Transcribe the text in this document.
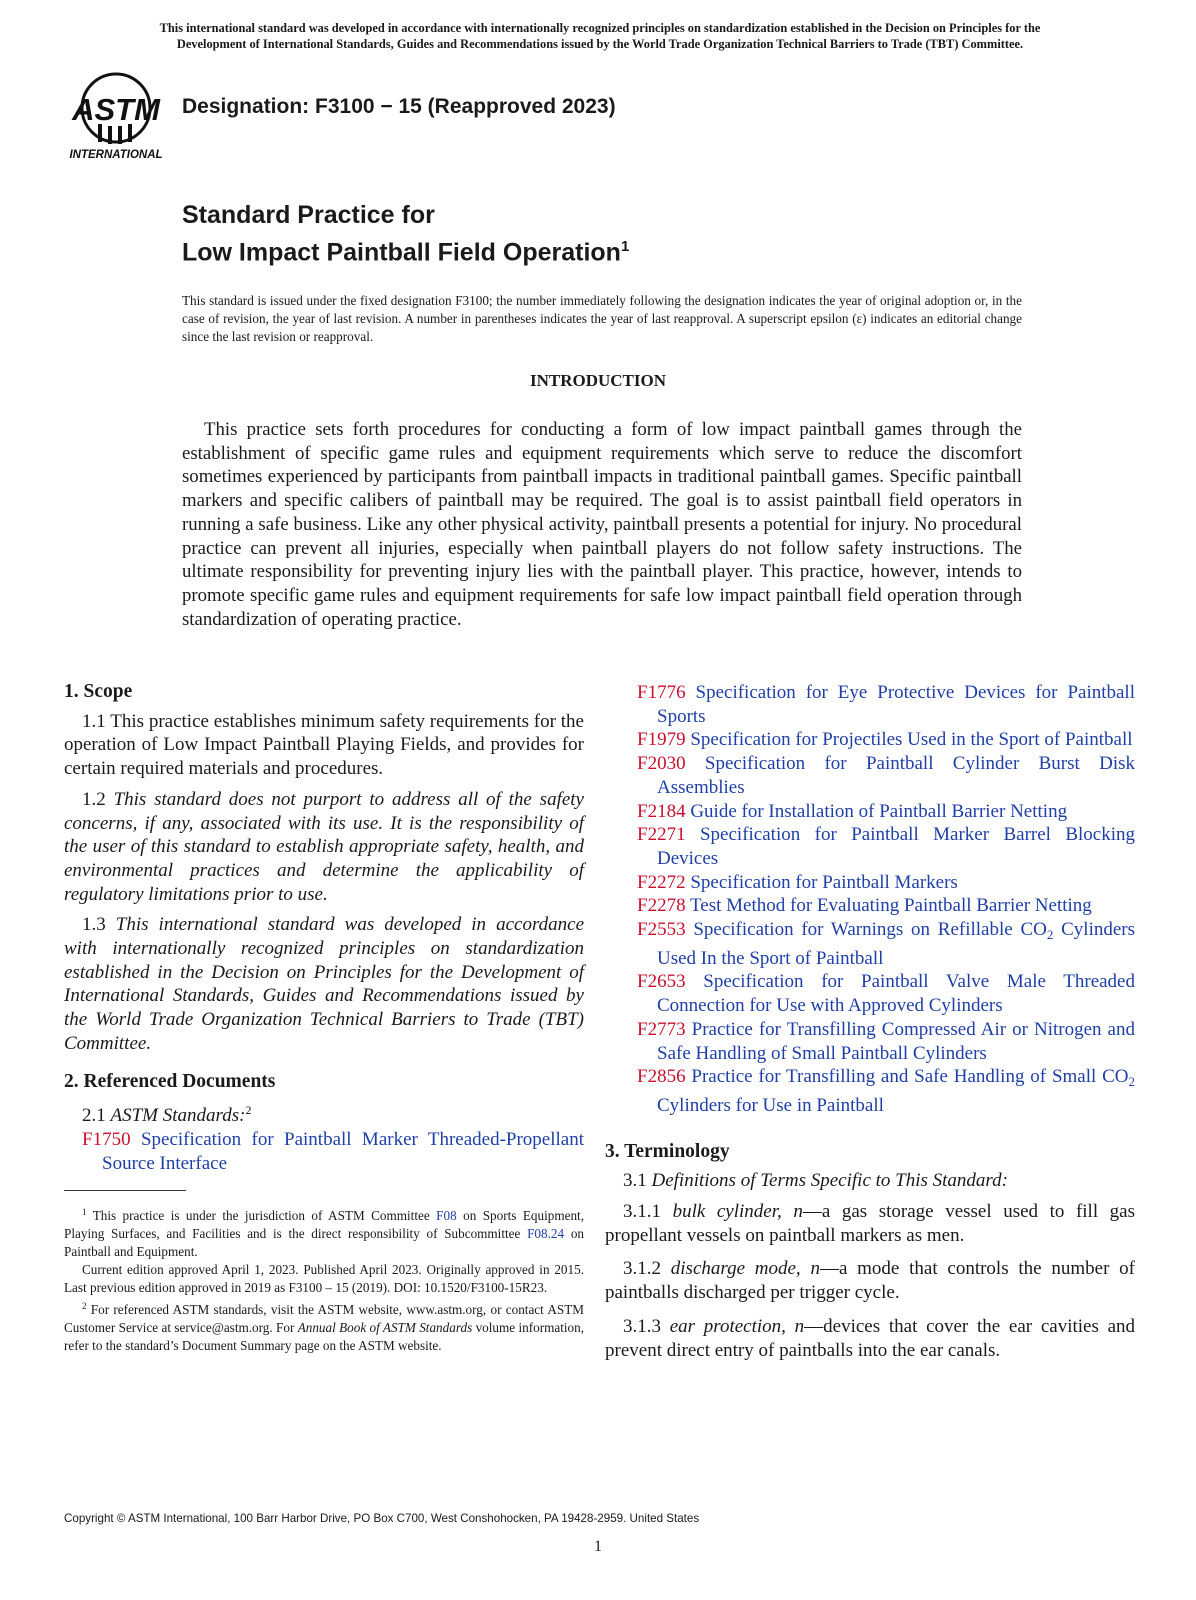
This international standard was developed in accordance with internationally recognized principles on standardization established in the Decision on Principles for the
Development of International Standards, Guides and Recommendations issued by the World Trade Organization Technical Barriers to Trade (TBT) Committee.
ASTM
INTERNATIONAL
Designation: F3100 − 15 (Reapproved 2023)
Standard Practice for
Low Impact Paintball Field Operation$^1$
This standard is issued under the fixed designation F3100; the number immediately following the designation indicates the year of original adoption or, in the case of revision, the year of last revision. A number in parentheses indicates the year of last reapproval. A superscript epsilon (ε) indicates an editorial change since the last revision or reapproval.
INTRODUCTION
This practice sets forth procedures for conducting a form of low impact paintball games through the establishment of specific game rules and equipment requirements which serve to reduce the discomfort sometimes experienced by participants from paintball impacts in traditional paintball games. Specific paintball markers and specific calibers of paintball may be required. The goal is to assist paintball field operators in running a safe business. Like any other physical activity, paintball presents a potential for injury. No procedural practice can prevent all injuries, especially when paintball players do not follow safety instructions. The ultimate responsibility for preventing injury lies with the paintball player. This practice, however, intends to promote specific game rules and equipment requirements for safe low impact paintball field operation through standardization of operating practice.
1. Scope
1.1 This practice establishes minimum safety requirements for the operation of Low Impact Paintball Playing Fields, and provides for certain required materials and procedures.
1.2 This standard does not purport to address all of the safety concerns, if any, associated with its use. It is the responsibility of the user of this standard to establish appropriate safety, health, and environmental practices and determine the applicability of regulatory limitations prior to use.
1.3 This international standard was developed in accordance with internationally recognized principles on standardization established in the Decision on Principles for the Development of International Standards, Guides and Recommendations issued by the World Trade Organization Technical Barriers to Trade (TBT) Committee.
2. Referenced Documents
2.1 ASTM Standards:$^2$
F1750 Specification for Paintball Marker Threaded-Propellant Source Interface
$^1$ This practice is under the jurisdiction of ASTM Committee F08 on Sports Equipment, Playing Surfaces, and Facilities and is the direct responsibility of Subcommittee F08.24 on Paintball and Equipment.
Current edition approved April 1, 2023. Published April 2023. Originally approved in 2015. Last previous edition approved in 2019 as F3100 – 15 (2019). DOI: 10.1520/F3100-15R23.
$^2$ For referenced ASTM standards, visit the ASTM website, www.astm.org, or contact ASTM Customer Service at service@astm.org. For Annual Book of ASTM Standards volume information, refer to the standard’s Document Summary page on the ASTM website.
F1776 Specification for Eye Protective Devices for Paintball Sports
F1979 Specification for Projectiles Used in the Sport of Paintball
F2030 Specification for Paintball Cylinder Burst Disk Assemblies
F2184 Guide for Installation of Paintball Barrier Netting
F2271 Specification for Paintball Marker Barrel Blocking Devices
F2272 Specification for Paintball Markers
F2278 Test Method for Evaluating Paintball Barrier Netting
F2553 Specification for Warnings on Refillable $CO_2$ Cylinders Used In the Sport of Paintball
F2653 Specification for Paintball Valve Male Threaded Connection for Use with Approved Cylinders
F2773 Practice for Transfilling Compressed Air or Nitrogen and Safe Handling of Small Paintball Cylinders
F2856 Practice for Transfilling and Safe Handling of Small $CO_2$ Cylinders for Use in Paintball
3. Terminology
3.1 Definitions of Terms Specific to This Standard:
3.1.1 bulk cylinder, n—a gas storage vessel used to fill gas propellant vessels on paintball markers as men.
3.1.2 discharge mode, n—a mode that controls the number of paintballs discharged per trigger cycle.
3.1.3 ear protection, n—devices that cover the ear cavities and prevent direct entry of paintballs into the ear canals.
Copyright © ASTM International, 100 Barr Harbor Drive, PO Box C700, West Conshohocken, PA 19428-2959. United States
1
